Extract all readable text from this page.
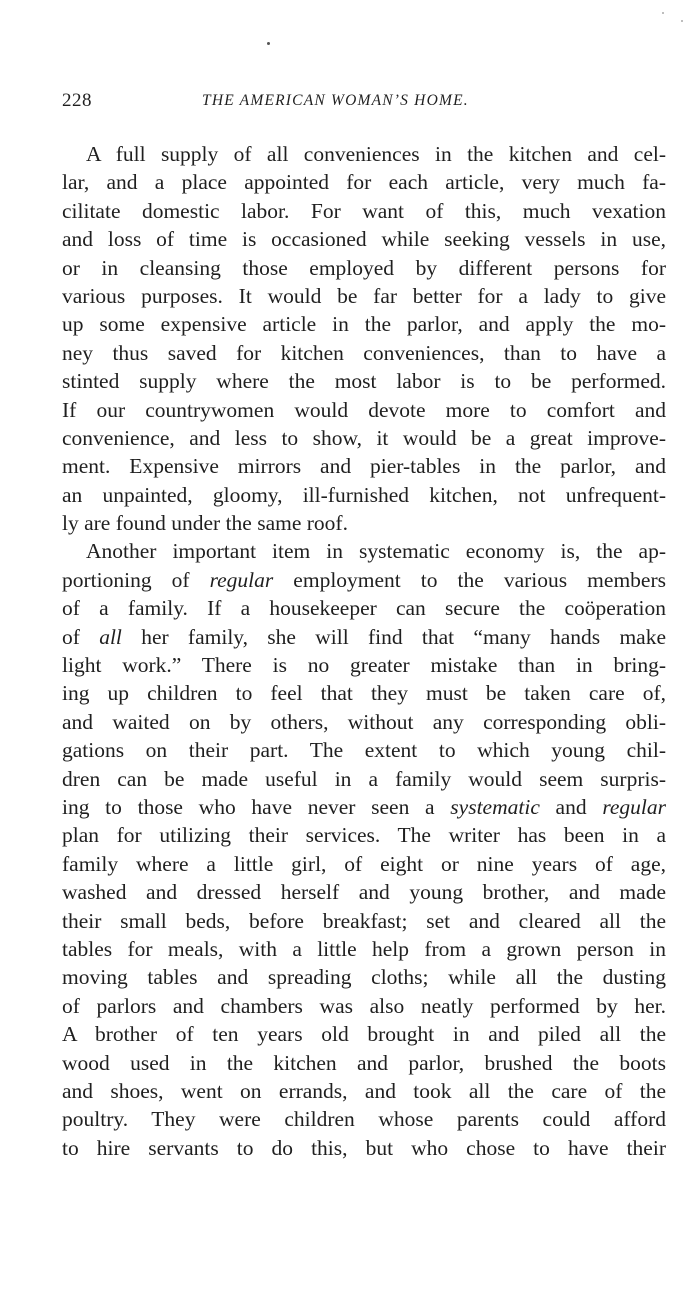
228	THE AMERICAN WOMAN’S HOME.
A full supply of all conveniences in the kitchen and cel-
lar, and a place appointed for each article, very much fa-
cilitate domestic labor. For want of this, much vexation
and loss of time is occasioned while seeking vessels in use,
or in cleansing those employed by different persons for
various purposes. It would be far better for a lady to give
up some expensive article in the parlor, and apply the mo-
ney thus saved for kitchen conveniences, than to have a
stinted supply where the most labor is to be performed.
If our countrywomen would devote more to comfort and
convenience, and less to show, it would be a great improve-
ment. Expensive mirrors and pier-tables in the parlor, and
an unpainted, gloomy, ill-furnished kitchen, not unfrequent-
ly are found under the same roof.
Another important item in systematic economy is, the ap-
portioning of regular employment to the various members
of a family. If a housekeeper can secure the coöperation
of all her family, she will find that “many hands make
light work.” There is no greater mistake than in bring-
ing up children to feel that they must be taken care of,
and waited on by others, without any corresponding obli-
gations on their part. The extent to which young chil-
dren can be made useful in a family would seem surpris-
ing to those who have never seen a systematic and regular
plan for utilizing their services. The writer has been in a
family where a little girl, of eight or nine years of age,
washed and dressed herself and young brother, and made
their small beds, before breakfast; set and cleared all the
tables for meals, with a little help from a grown person in
moving tables and spreading cloths; while all the dusting
of parlors and chambers was also neatly performed by her.
A brother of ten years old brought in and piled all the
wood used in the kitchen and parlor, brushed the boots
and shoes, went on errands, and took all the care of the
poultry. They were children whose parents could afford
to hire servants to do this, but who chose to have their
